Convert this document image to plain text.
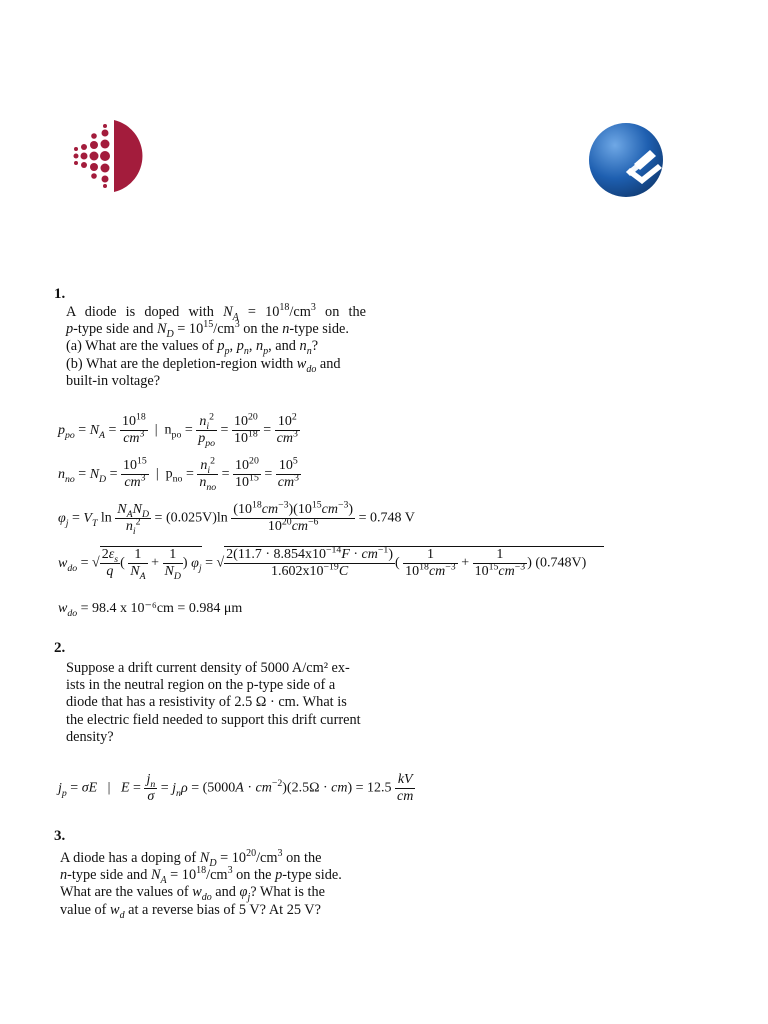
1.
A diode is doped with $N_A = 10^{18}/cm^3$ on the
p-type side and $N_D = 10^{15}/cm^3$ on the n-type side.
(a) What are the values of $p_p$, $p_n$, $n_p$, and $n_n$?
(b) What are the depletion-region width $w_{do}$ and
built-in voltage?
$p_{po} = N_A = \frac{10^{18}}{cm^3}$ |  $n_{po} = \frac{n_i^2}{p_{po}} = \frac{10^{20}}{10^{18}} = \frac{10^2}{cm^3}$
$n_{no} = N_D = \frac{10^{15}}{cm^3}$ |  $p_{no} = \frac{n_i^2}{n_{no}} = \frac{10^{20}}{10^{15}} = \frac{10^5}{cm^3}$
$\varphi_j = V_T$ $\ln \frac{N_AN_D}{n_i^2} = (0.025V)\ln \frac{(10^{18}cm^{-3})(10^{15}cm^{-3})}{10^{20}cm^{-6}} = 0.748$ V
$w_{do}$ = √ $\frac{2\varepsilon_s}{q}$ ( $\frac{1}{N_A} + \frac{1}{N_D}$ ) $\varphi_j$ = √ $\frac{2(11.7 \cdot 8.854x10^{-14}F \cdot cm^{-1})}{1.602x10^{-19}C}$ ( $\frac{1}{10^{18}cm^{-3}} + \frac{1}{10^{15}cm^{-3}}$ ) (0.748V)
$w_{do} = 98.4$ x 10⁻⁶cm = 0.984 μm
2.
Suppose a drift current density of 5000 A/cm² ex-
ists in the neutral region on the p-type side of a
diode that has a resistivity of 2.5 Ω · cm. What is
the electric field needed to support this drift current
density?
$j_p = \sigma E$   |   $E = \frac{j_n}{\sigma} = j_n\rho = (5000A \cdot cm^{-2})(2.5\Omega \cdot cm) = 12.5 \frac{kV}{cm}$
3.
A diode has a doping of $N_D = 10^{20}/cm^3$ on the
n-type side and $N_A = 10^{18}/cm^3$ on the p-type side.
What are the values of $w_{do}$ and $\varphi_j$? What is the
value of $w_d$ at a reverse bias of 5 V? At 25 V?
